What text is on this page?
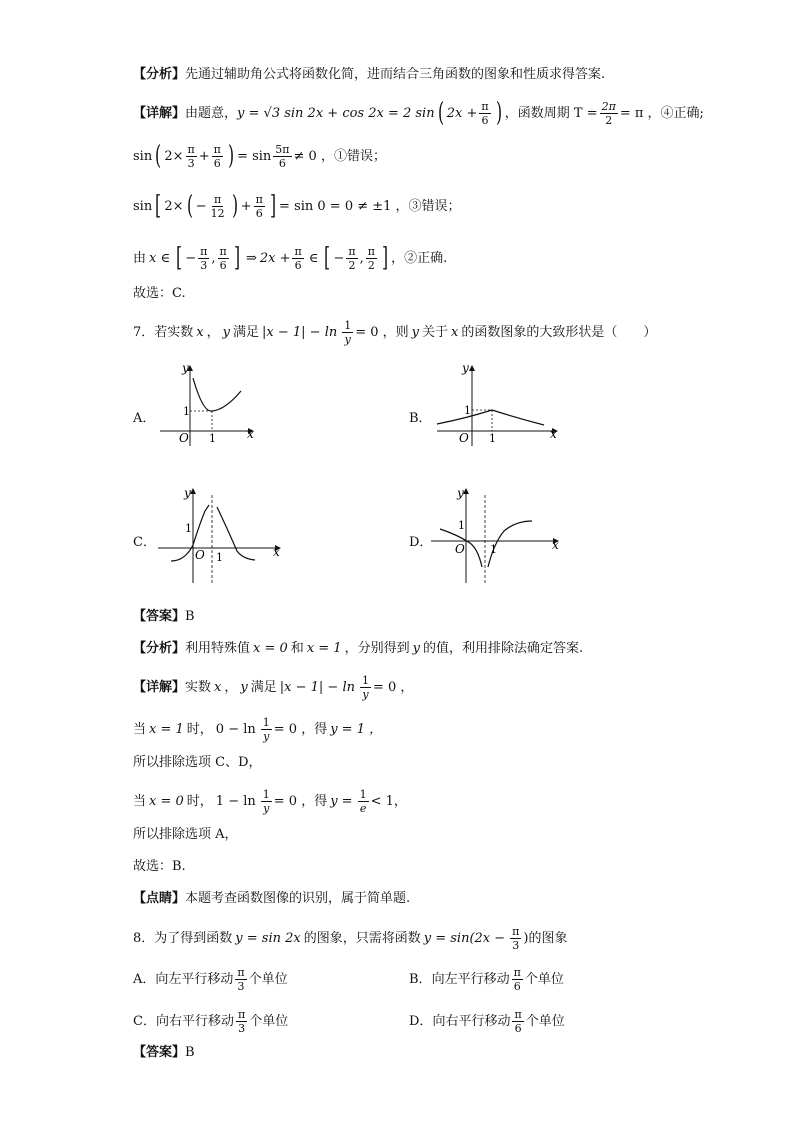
【分析】 先通过辅助角公式将函数化简，进而结合三角函数的图象和性质求得答案.
【详解】 由题意， y = √3 sin 2x + cos 2x = 2 sin ( $2x + \frac{\pi}{6}$ ) ，函数周期 $T = \frac{2\pi}{2} = \pi$ ，④正确;
sin ( $2\times \frac{\pi}{3} + \frac{\pi}{6}$ ) = $\sin \frac{5\pi}{6} \ne 0$ ，①错误；
sin [ 2× ( − $\frac{\pi}{12}$ ) + $\frac{\pi}{6}$ ] = sin 0 = 0 ≠ ±1 ，③错误；
由 x ∈ [ − $\frac{\pi}{3}$ , $\frac{\pi}{6}$ ] ⇒ $2x + \frac{\pi}{6}$ ∈ [ − $\frac{\pi}{2}$ , $\frac{\pi}{2}$ ] ，②正确.
故选：C.
7．若实数 x ， y 满足 $|x - 1| - \ln \frac{1}{y} = 0$ ，则 y 关于 x 的函数图象的大致形状是（　　）
A．	B．
C．	D．
y
x
O
1
1
y
x
O
1
1
y
x
O
1
1
y
x
O
1
1
【答案】 B
【分析】 利用特殊值 x = 0 和 x = 1 ，分别得到 y 的值，利用排除法确定答案.
【详解】 实数 x ， y 满足 $|x - 1| - \ln \frac{1}{y} = 0$ ，
当 x = 1 时， $0 - \ln \frac{1}{y} = 0$ ，得 y = 1 ，
所以排除选项 C、D，
当 x = 0 时， $1 - \ln \frac{1}{y} = 0$ ，得 $y = \frac{1}{e} < 1$，
所以排除选项 A，
故选：B.
【点睛】 本题考查函数图像的识别，属于简单题.
8．为了得到函数 y = sin 2x 的图象，只需将函数 $y = \sin(2x - \frac{\pi}{3}$ )的图象
A． 向左平行移动 $\frac{\pi}{3}$ 个单位	B． 向左平行移动 $\frac{\pi}{6}$ 个单位
C． 向右平行移动 $\frac{\pi}{3}$ 个单位	D． 向右平行移动 $\frac{\pi}{6}$ 个单位
【答案】 B
